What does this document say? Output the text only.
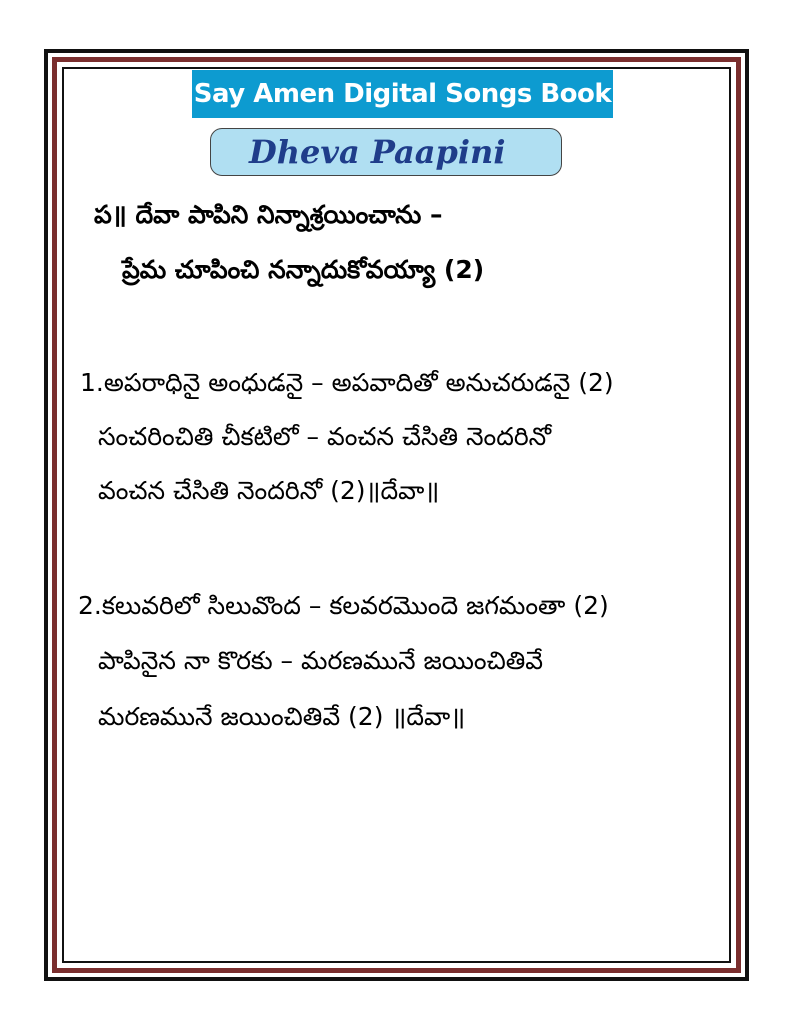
Say Amen Digital Songs Book
Dheva Paapini
ప॥ దేవా పాపిని నిన్నాశ్రయించాను –
ప్రేమ చూపించి నన్నాదుకోవయ్యా (2)
1.అపరాధినై అంధుడనై – అపవాదితో అనుచరుడనై (2)
సంచరించితి చీకటిలో – వంచన చేసితి నెందరినో
వంచన చేసితి నెందరినో (2)॥దేవా॥
2.కలువరిలో సిలువొంద – కలవరమొందె జగమంతా (2)
పాపినైన నా కొరకు – మరణమునే జయించితివే
మరణమునే జయించితివే (2) ॥దేవా॥
